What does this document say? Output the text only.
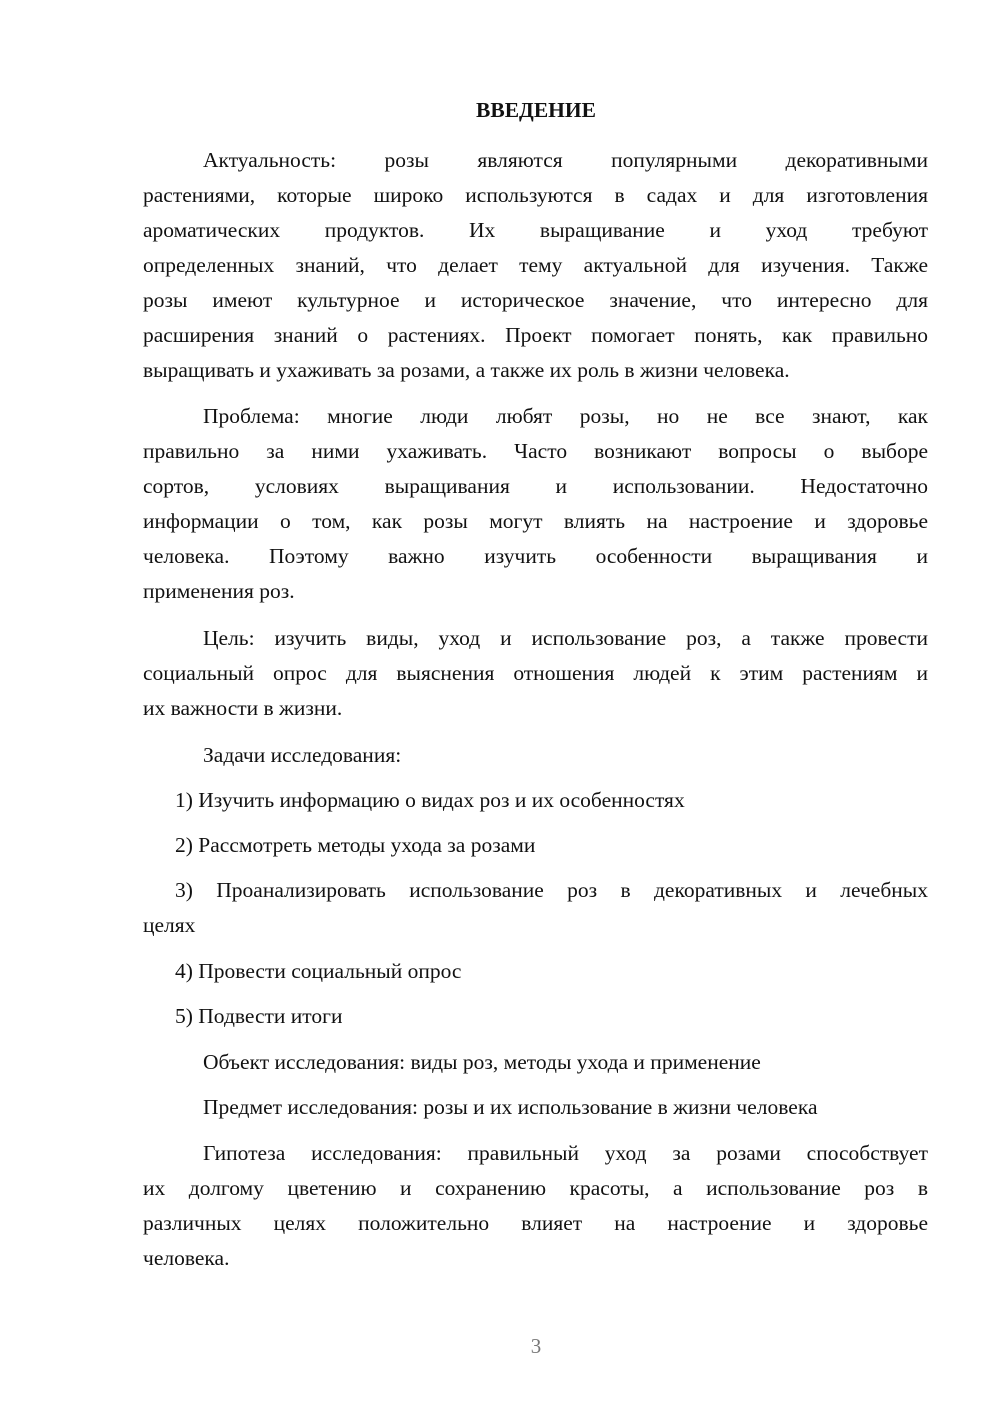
ВВЕДЕНИЕ
Актуальность: розы являются популярными декоративными
растениями, которые широко используются в садах и для изготовления
ароматических продуктов. Их выращивание и уход требуют
определенных знаний, что делает тему актуальной для изучения. Также
розы имеют культурное и историческое значение, что интересно для
расширения знаний о растениях. Проект помогает понять, как правильно
выращивать и ухаживать за розами, а также их роль в жизни человека.
Проблема: многие люди любят розы, но не все знают, как
правильно за ними ухаживать. Часто возникают вопросы о выборе
сортов, условиях выращивания и использовании. Недостаточно
информации о том, как розы могут влиять на настроение и здоровье
человека. Поэтому важно изучить особенности выращивания и
применения роз.
Цель: изучить виды, уход и использование роз, а также провести
социальный опрос для выяснения отношения людей к этим растениям и
их важности в жизни.
Задачи исследования:
1) Изучить информацию о видах роз и их особенностях
2) Рассмотреть методы ухода за розами
3) Проанализировать использование роз в декоративных и лечебных
целях
4) Провести социальный опрос
5) Подвести итоги
Объект исследования: виды роз, методы ухода и применение
Предмет исследования: розы и их использование в жизни человека
Гипотеза исследования: правильный уход за розами способствует
их долгому цветению и сохранению красоты, а использование роз в
различных целях положительно влияет на настроение и здоровье
человека.
3
